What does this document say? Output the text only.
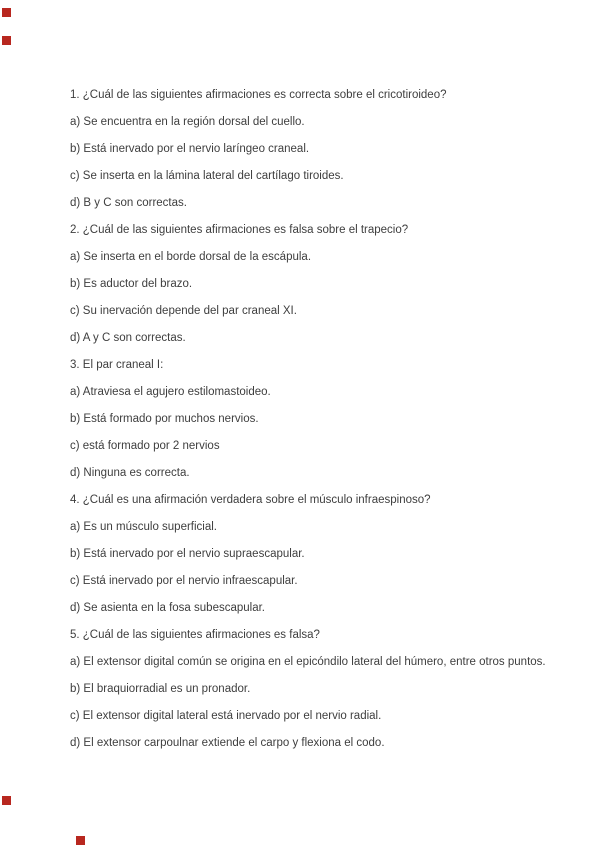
1. ¿Cuál de las siguientes afirmaciones es correcta sobre el cricotiroideo?

a) Se encuentra en la región dorsal del cuello.

b) Está inervado por el nervio laríngeo craneal.

c) Se inserta en la lámina lateral del cartílago tiroides.

d) B y C son correctas.

2. ¿Cuál de las siguientes afirmaciones es falsa sobre el trapecio?

a) Se inserta en el borde dorsal de la escápula.

b) Es aductor del brazo.

c) Su inervación depende del par craneal XI.

d) A y C son correctas.

3. El par craneal I:

a) Atraviesa el agujero estilomastoideo.

b) Está formado por muchos nervios.

c) está formado por 2 nervios

d) Ninguna es correcta.

4. ¿Cuál es una afirmación verdadera sobre el músculo infraespinoso?

a) Es un músculo superficial.

b) Está inervado por el nervio supraescapular.

c) Está inervado por el nervio infraescapular.

d) Se asienta en la fosa subescapular.

5. ¿Cuál de las siguientes afirmaciones es falsa?

a) El extensor digital común se origina en el epicóndilo lateral del húmero, entre otros puntos.

b) El braquiorradial es un pronador.

c) El extensor digital lateral está inervado por el nervio radial.

d) El extensor carpoulnar extiende el carpo y flexiona el codo.
